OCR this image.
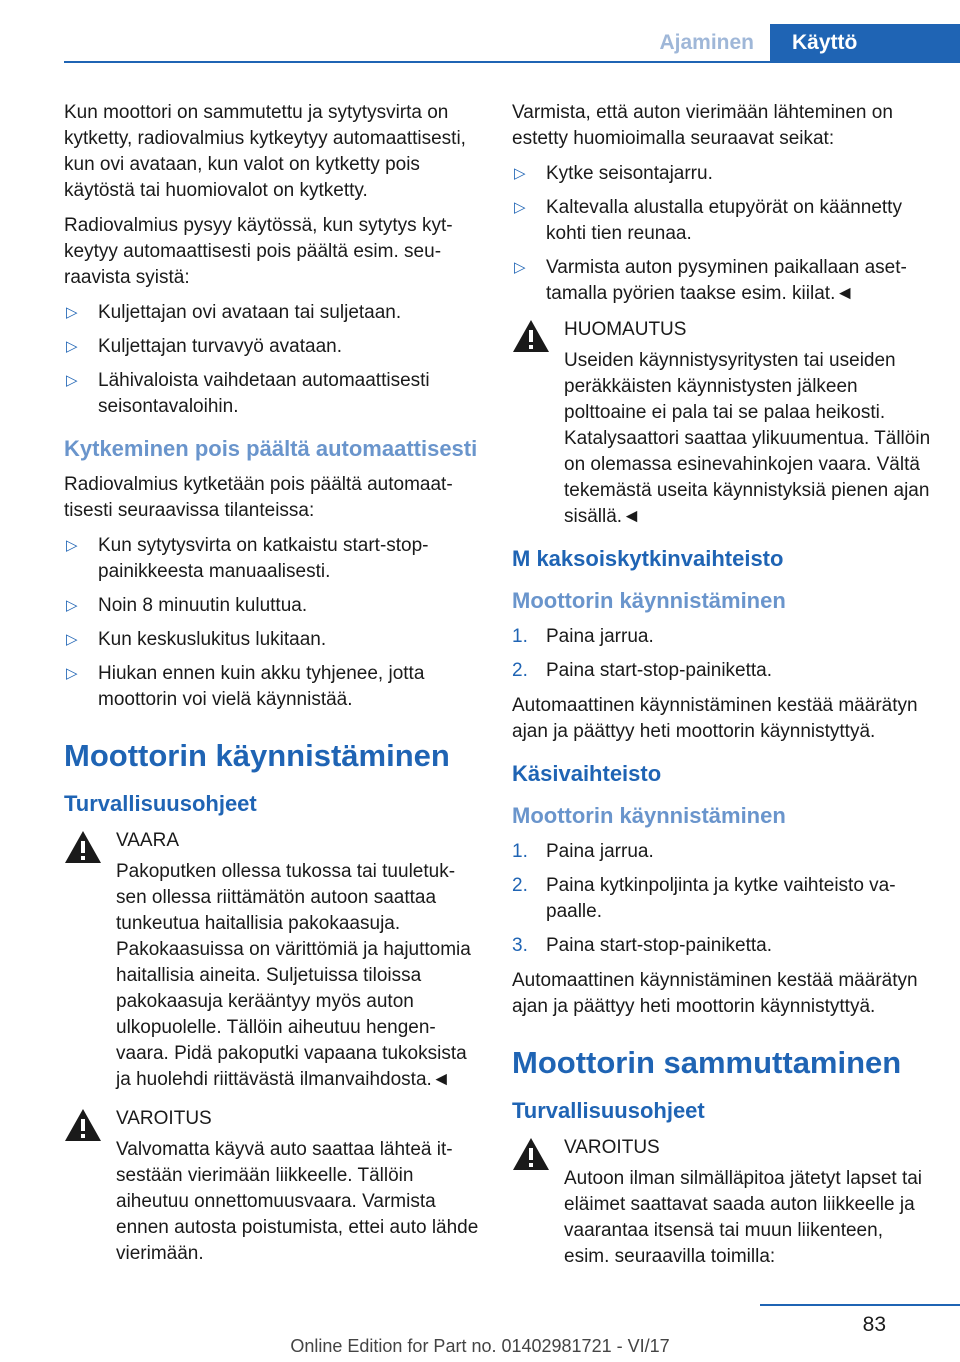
Ajaminen	Käyttö

Kun moottori on sammutettu ja sytytysvirta on kytketty, radiovalmius kytkeytyy automaattisesti, kun ovi avataan, kun valot on kytketty pois käytöstä tai huomiovalot on kytketty.

Radiovalmius pysyy käytössä, kun sytytys kytkeytyy automaattisesti pois päältä esim. seuraavista syistä:

▷ Kuljettajan ovi avataan tai suljetaan.
▷ Kuljettajan turvavyö avataan.
▷ Lähivaloista vaihdetaan automaattisesti seisontavaloihin.
Kytkeminen pois päältä automaattisesti

Radiovalmius kytketään pois päältä automaattisesti seuraavissa tilanteissa:

▷ Kun sytytysvirta on katkaistu start-stop-painikkeesta manuaalisesti.
▷ Noin 8 minuutin kuluttua.
▷ Kun keskuslukitus lukitaan.
▷ Hiukan ennen kuin akku tyhjenee, jotta moottorin voi vielä käynnistää.
Moottorin käynnistäminen
Turvallisuusohjeet
VAARA
Pakoputken ollessa tukossa tai tuuletuksen ollessa riittämätön autoon saattaa tunkeutua haitallisia pakokaasuja. Pakokaasuissa on värittömiä ja hajuttomia haitallisia aineita. Suljetuissa tiloissa pakokaasuja kerääntyy myös auton ulkopuolelle. Tällöin aiheutuu hengenvaara. Pidä pakoputki vapaana tukoksista ja huolehdi riittävästä ilmanvaihdosta.◄
VAROITUS
Valvomatta käyvä auto saattaa lähteä itsestään vierimään liikkeelle. Tällöin aiheutuu onnettomuusvaara. Varmista ennen autosta poistumista, ettei auto lähde vierimään.

Varmista, että auton vierimään lähteminen on estetty huomioimalla seuraavat seikat:

▷ Kytke seisontajarru.
▷ Kaltevalla alustalla etupyörät on käännetty kohti tien reunaa.
▷ Varmista auton pysyminen paikallaan asettamalla pyörien taakse esim. kiilat.◄
HUOMAUTUS
Useiden käynnistysyritysten tai useiden peräkkäisten käynnistysten jälkeen polttoaine ei pala tai se palaa heikosti. Katalysaattori saattaa ylikuumentua. Tällöin on olemassa esinevahinkojen vaara. Vältä tekemästä useita käynnistyksiä pienen ajan sisällä.◄
M kaksoiskytkinvaihteisto
Moottorin käynnistäminen
1. Paina jarrua.
2. Paina start-stop-painiketta.

Automaattinen käynnistäminen kestää määrätyn ajan ja päättyy heti moottorin käynnistyttyä.

Käsivaihteisto
Moottorin käynnistäminen
1. Paina jarrua.
2. Paina kytkinpoljinta ja kytke vaihteisto vapaalle.
3. Paina start-stop-painiketta.

Automaattinen käynnistäminen kestää määrätyn ajan ja päättyy heti moottorin käynnistyttyä.

Moottorin sammuttaminen
Turvallisuusohjeet
VAROITUS
Autoon ilman silmälläpitoa jätetyt lapset tai eläimet saattavat saada auton liikkeelle ja vaarantaa itsensä tai muun liikenteen, esim. seuraavilla toimilla:
83
Online Edition for Part no. 01402981721 - VI/17
